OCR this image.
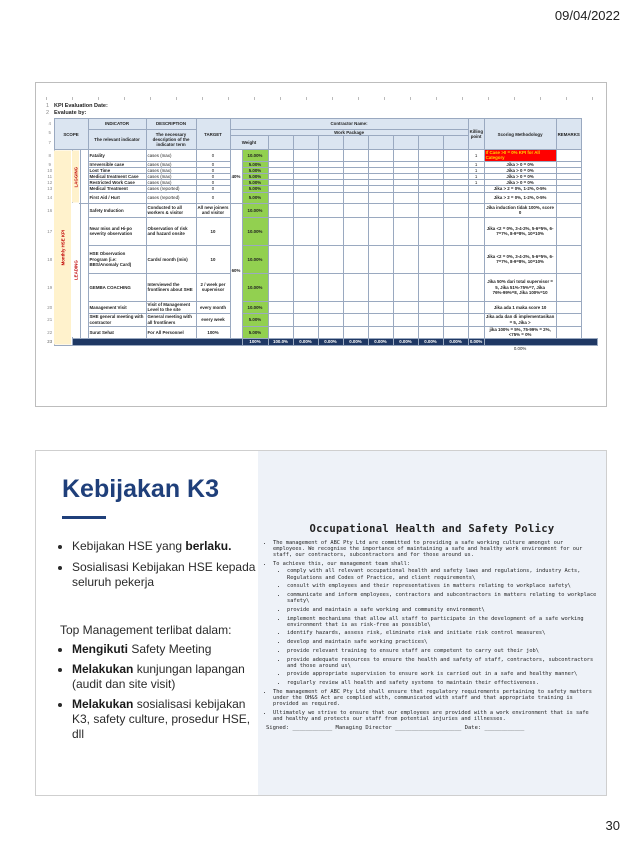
09/04/2022
1 KPI Evaluation Date:
2 Evaluate by:
4	SCOPE			INDICATOR	DESCRIPTION	TARGET	Contractor Name:										Killing point	Scoring Methodology	REMARKS
5				The relevant indicator	The necessary description of the indicator term		Work Package												
7							Weight												
8	Monthly HSE KPI	LAGGING		Fatality	cases (max)	0	40%	10.00%									1	If Case >0 = 0% KPI for All Category	
9				Irreversible case	cases (max)	0		5.00%									1	Jika > 0 = 0%	
10				Lost Time	cases (max)	0		5.00%									1	Jika > 0 = 0%	
11				Medical treatment Case	cases (max)	0		5.00%									1	Jika > 0 = 0%	
12				Restricted Work Case	cases (max)	0		5.00%									1	Jika > 0 = 0%	
13				Medical Treatment	cases (reported)	0		5.00%										Jika > 2 = 0%, 1-2%, 0-5%	
14				First Aid / Hurt	cases (reported)	0		5.00%										Jika > 2 = 0%, 1-2%, 0-5%	
16		LEADING		Safety Induction	Conducted to all workers & visitor	All new joiners and visitor	60%	10.00%										Jika induction tidak 100%, score 0	
17				Near miss and Hi-po severity observation	Observation of risk and hazard onsite	10		10.00%										Jika <2 = 0%, 3-4-2%, 5-6=5%, 6-7=7%, 8-9=8%, 10=10%	
18				HSE Observation Program (i.e: BBS/Anomaly Card)	Cards/ month (min)	10		10.00%										Jika <2 = 0%, 3-4-2%, 5-6=5%, 6-7=7%, 8-9=8%, 10=10%	
19				GEMBA COACHING	Interviewed the frontliners about SHE	2 / week per supervisor		10.00%										Jika 50% dari total supervisor = 5, Jika 51%-75%=7, Jika 76%-99%=8, Jika 100%=10	
20				Management Visit	Visit of Management Level to the site	every month		10.00%										Jika ada 1 maka score 10	
21				SHE general meeting with contractor	General meeting with all frontliners	every week		5.00%										Jika ada dan di implementasikan = 5, Jika >	
22				Surat Sehat	For All Personnel	100%		5.00%										jika 100% = 5%, 75-99% = 2%, <75% = 0%	
23								100%	100.0%	0.00%	0.00%	0.00%	0.00%	0.00%	0.00%	0.00%	0.00%		
																		0.00%	
Kebijakan K3
• Kebijakan HSE yang berlaku.
• Sosialisasi Kebijakan HSE kepada seluruh pekerja
Top Management terlibat dalam:
• Mengikuti Safety Meeting
• Melakukan kunjungan lapangan (audit dan site visit)
• Melakukan sosialisasi kebijakan K3, safety culture, prosedur HSE, dll
Occupational Health and Safety Policy
• The management of ABC Pty Ltd are committed to providing a safe working culture amongst our employees. We recognise the importance of maintaining a safe and healthy work environment for our staff, our contractors, subcontractors and for those around us.
• To achieve this, our management team shall:
• comply with all relevant occupational health and safety laws and regulations, industry Acts, Regulations and Codes of Practice, and client requirements\
• consult with employees and their representatives in matters relating to workplace safety\
• communicate and inform employees, contractors and subcontractors in matters relating to workplace safety\
• provide and maintain a safe working and community environment\
• implement mechanisms that allow all staff to participate in the development of a safe working environment that is as risk-free as possible\
• identify hazards, assess risk, eliminate risk and initiate risk control measures\
• develop and maintain safe working practices\
• provide relevant training to ensure staff are competent to carry out their job\
• provide adequate resources to ensure the health and safety of staff, contractors, subcontractors and those around us\
• provide appropriate supervision to ensure work is carried out in a safe and healthy manner\
• regularly review all health and safety systems to maintain their effectiveness.
• The management of ABC Pty Ltd shall ensure that regulatory requirements pertaining to safety matters under the OH&S Act are complied with, communicated with staff and that appropriate training is provided as required.
• Ultimately we strive to ensure that our employees are provided with a work environment that is safe and healthy and protects our staff from potential injuries and illnesses.
Signed: ____________ Managing Director ____________________ Date: ____________
30
